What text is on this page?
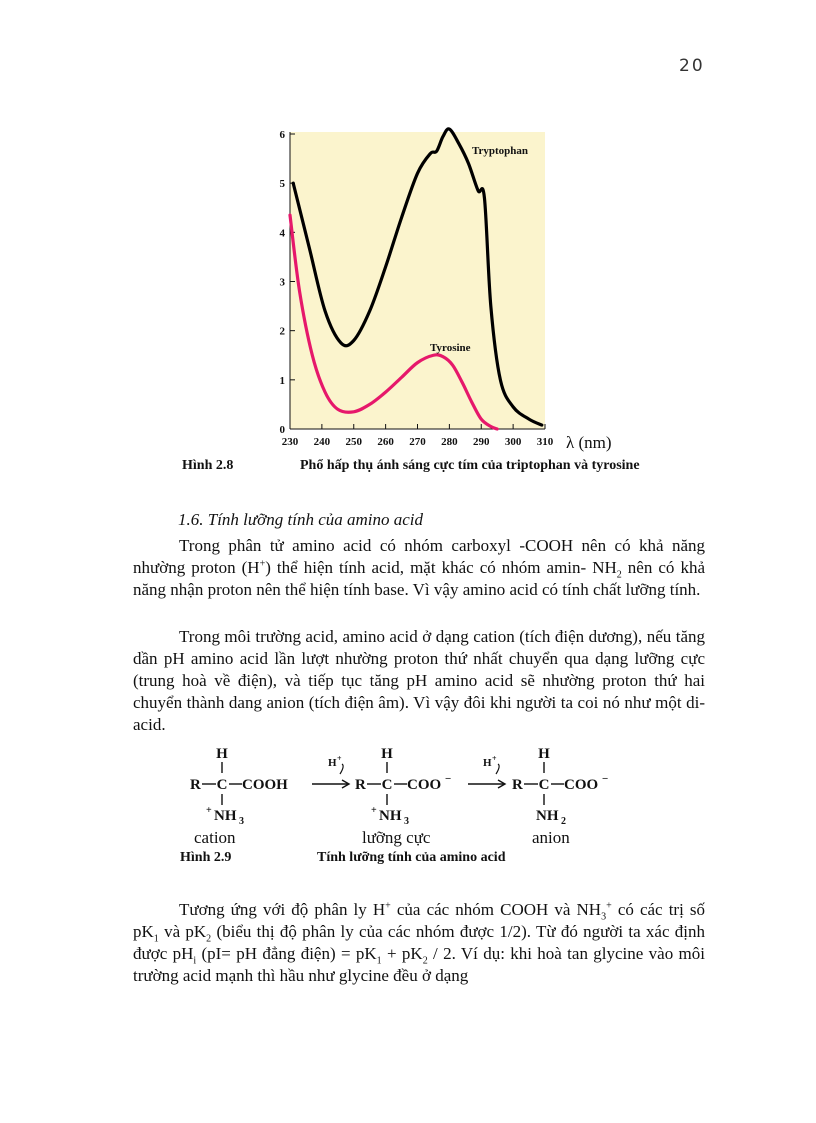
20
0
1
2
3
4
5
6
230 240 250 260 270 280 290 300 310 λ (nm)
Tryptophan
Tyrosine
Hình 2.8	Phổ hấp thụ ánh sáng cực tím của triptophan và tyrosine
1.6. Tính lưỡng tính của amino acid

Trong phân tử amino acid có nhóm carboxyl -COOH nên có khả năng nhường proton (H+) thể hiện tính acid, mặt khác có nhóm amin- $NH_2$ nên có khả năng nhận proton nên thể hiện tính base. Vì vậy amino acid có tính chất lưỡng tính.

Trong môi trường acid, amino acid ở dạng cation (tích điện dương), nếu tăng dần pH amino acid lần lượt nhường proton thứ nhất chuyển qua dạng lưỡng cực (trung hoà về điện), và tiếp tục tăng pH amino acid sẽ nhường proton thứ hai chuyển thành dang anion (tích điện âm). Vì vậy đôi khi người ta coi nó như một di-acid.

H
R C COOH
+ NH 3
H +	H
R C COO −
+ NH 3
H +	H
R C COO −
NH 2
cation	lưỡng cực	anion
Hình 2.9	Tính lưỡng tính của amino acid

Tương ứng với độ phân ly H+ của các nhóm COOH và $NH_3^+$ có các trị số $pK_1$ và $pK_2$ (biểu thị độ phân ly của các nhóm được 1/2). Từ đó người ta xác định được $pH_i$ (pI= pH đẳng điện) = $pK_1 + pK_2 / 2$. Ví dụ: khi hoà tan glycine vào môi trường acid mạnh thì hầu như glycine đều ở dạng
